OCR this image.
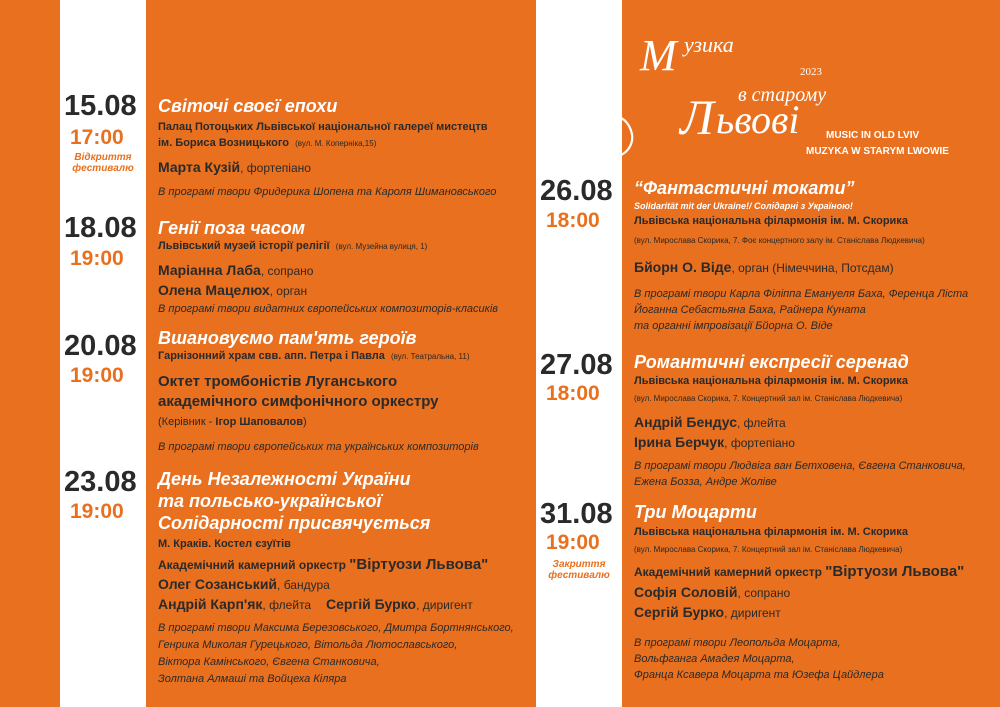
М узика
в старому
Л ьвові
2023
MUSIC IN OLD LVIV
MUZYKA W STARYM LWOWIE
15.08
17:00
Відкриття фестивалю
Світочі своєї епохи
Палац Потоцьких Львівської національної галереї мистецтв
ім. Бориса Возницького (вул. М. Коперніка,15)
Марта Кузій, фортепіано
В програмі твори Фридерика Шопена та Кароля Шимановського
18.08
19:00
Генії поза часом
Львівський музей історії релігії (вул. Музейна вулиця, 1)
Маріанна Лаба, сопрано
Олена Мацелюх, орган
В програмі твори видатних європейських композиторів-класиків
20.08
19:00
Вшановуємо пам'ять героїв
Гарнізонний храм свв. апп. Петра і Павла (вул. Театральна, 11)
Октет тромбоністів Луганського
академічного симфонічного оркестру
(Керівник - Ігор Шаповалов)
В програмі твори європейських та українських композиторів
23.08
19:00
День Незалежності України
та польсько-української
Солідарності присвячується
М. Краків. Костел єзуїтів
Академічний камерний оркестр "Віртуози Львова"
Олег Созанський, бандура
Андрій Карп'як, флейта Сергій Бурко, диригент
В програмі твори Максима Березовського, Дмитра Бортнянського,
Генрика Миколая Гурецького, Вітольда Лютославського,
Віктора Камінського, Євгена Станковича,
Золтана Алмаші та Войцеха Кіляра
26.08
18:00
“Фантастичні токати”
Solidarität mit der Ukraine!/ Солідарні з Україною!
Львівська національна філармонія ім. М. Скорика
(вул. Мирослава Скорика, 7. Фоє концертного залу ім. Станіслава Людкевича)
Бйорн О. Віде, орган (Німеччина, Потсдам)
В програмі твори Карла Філіппа Емануеля Баха, Ференца Ліста
Йоганна Себастьяна Баха, Райнера Куната
та органні імпровізації Бйорна О. Віде
27.08
18:00
Романтичні експресії серенад
Львівська національна філармонія ім. М. Скорика
(вул. Мирослава Скорика, 7. Концертний зал ім. Станіслава Людкевича)
Андрій Бендус, флейта
Ірина Берчук, фортепіано
В програмі твори Людвіга ван Бетховена, Євгена Станковича,
Ежена Бозза, Андре Жоліве
31.08
19:00
Закриття фестивалю
Три Моцарти
Львівська національна філармонія ім. М. Скорика
(вул. Мирослава Скорика, 7. Концертний зал ім. Станіслава Людкевича)
Академічний камерний оркестр "Віртуози Львова"
Софія Соловій, сопрано
Сергій Бурко, диригент
В програмі твори Леопольда Моцарта,
Вольфганга Амадея Моцарта,
Франца Ксавера Моцарта та Юзефа Цайдлера
